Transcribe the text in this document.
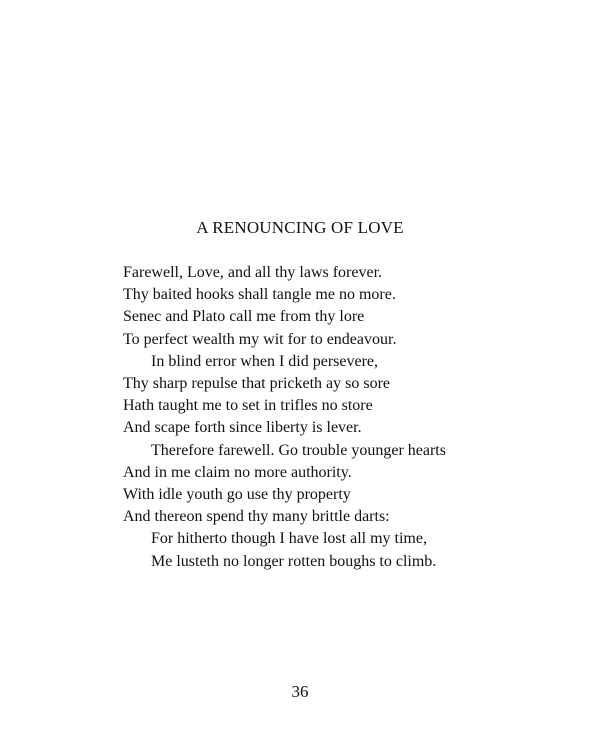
A RENOUNCING OF LOVE
Farewell, Love, and all thy laws forever.
Thy baited hooks shall tangle me no more.
Senec and Plato call me from thy lore
To perfect wealth my wit for to endeavour.
In blind error when I did persevere,
Thy sharp repulse that pricketh ay so sore
Hath taught me to set in trifles no store
And scape forth since liberty is lever.
Therefore farewell. Go trouble younger hearts
And in me claim no more authority.
With idle youth go use thy property
And thereon spend thy many brittle darts:
For hitherto though I have lost all my time,
Me lusteth no longer rotten boughs to climb.
36
